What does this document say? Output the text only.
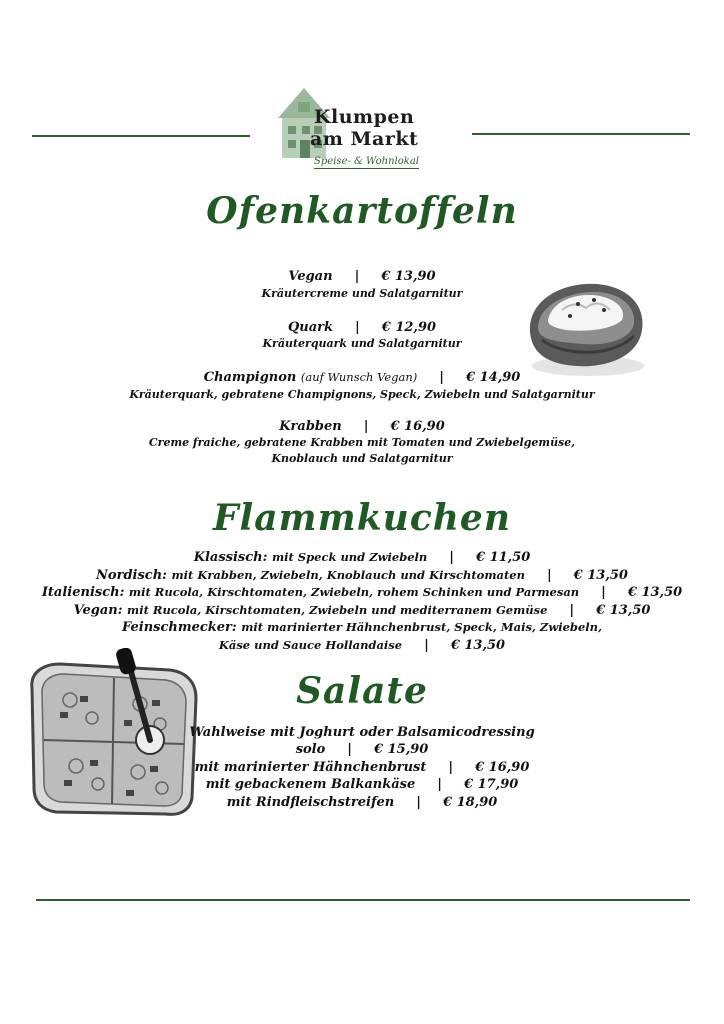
Klumpen
am Markt
Speise- & Wohnlokal
Ofenkartoffeln
Vegan | € 13,90
Kräutercreme und Salatgarnitur
Quark | € 12,90
Kräuterquark und Salatgarnitur
Champignon (auf Wunsch Vegan) | € 14,90
Kräuterquark, gebratene Champignons, Speck, Zwiebeln und Salatgarnitur
Krabben | € 16,90
Creme fraiche, gebratene Krabben mit Tomaten und Zwiebelgemüse,
Knoblauch und Salatgarnitur
Flammkuchen
Klassisch: mit Speck und Zwiebeln | € 11,50
Nordisch: mit Krabben, Zwiebeln, Knoblauch und Kirschtomaten | € 13,50
Italienisch: mit Rucola, Kirschtomaten, Zwiebeln, rohem Schinken und Parmesan | € 13,50
Vegan: mit Rucola, Kirschtomaten, Zwiebeln und mediterranem Gemüse | € 13,50
Feinschmecker: mit marinierter Hähnchenbrust, Speck, Mais, Zwiebeln,
Käse und Sauce Hollandaise | € 13,50
Salate
Wahlweise mit Joghurt oder Balsamicodressing
solo | € 15,90
mit marinierter Hähnchenbrust | € 16,90
mit gebackenem Balkankäse | € 17,90
mit Rindfleischstreifen | € 18,90
